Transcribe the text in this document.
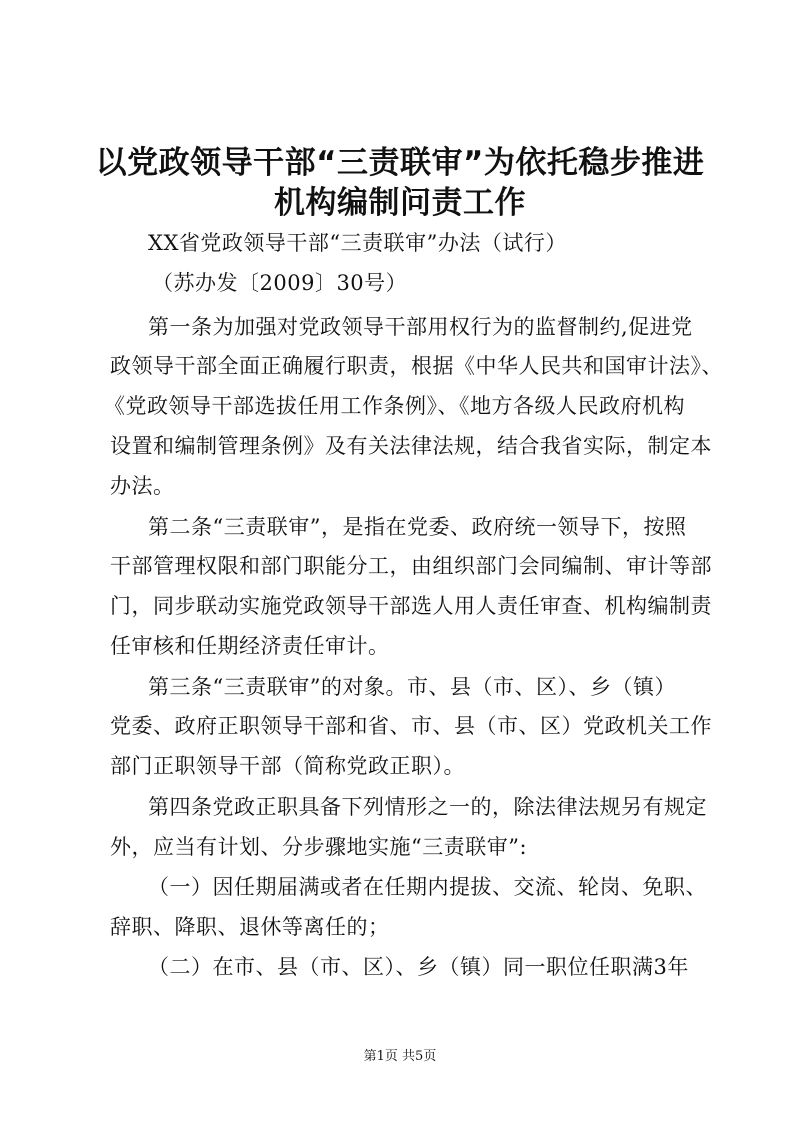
以党政领导干部“三责联审”为依托稳步推进
机构编制问责工作
XX省党政领导干部“三责联审”办法（试行）
（苏办发〔2009〕30号）
第一条为加强对党政领导干部用权行为的监督制约,促进党
政领导干部全面正确履行职责，根据《中华人民共和国审计法》、
《党政领导干部选拔任用工作条例》、《地方各级人民政府机构
设置和编制管理条例》及有关法律法规，结合我省实际，制定本
办法。
第二条“三责联审”，是指在党委、政府统一领导下，按照
干部管理权限和部门职能分工，由组织部门会同编制、审计等部
门，同步联动实施党政领导干部选人用人责任审查、机构编制责
任审核和任期经济责任审计。
第三条“三责联审”的对象。市、县（市、区）、乡（镇）
党委、政府正职领导干部和省、市、县（市、区）党政机关工作
部门正职领导干部（简称党政正职）。
第四条党政正职具备下列情形之一的，除法律法规另有规定
外，应当有计划、分步骤地实施“三责联审”:
（一）因任期届满或者在任期内提拔、交流、轮岗、免职、
辞职、降职、退休等离任的；
（二）在市、县（市、区）、乡（镇）同一职位任职满3年
第1页 共5页
